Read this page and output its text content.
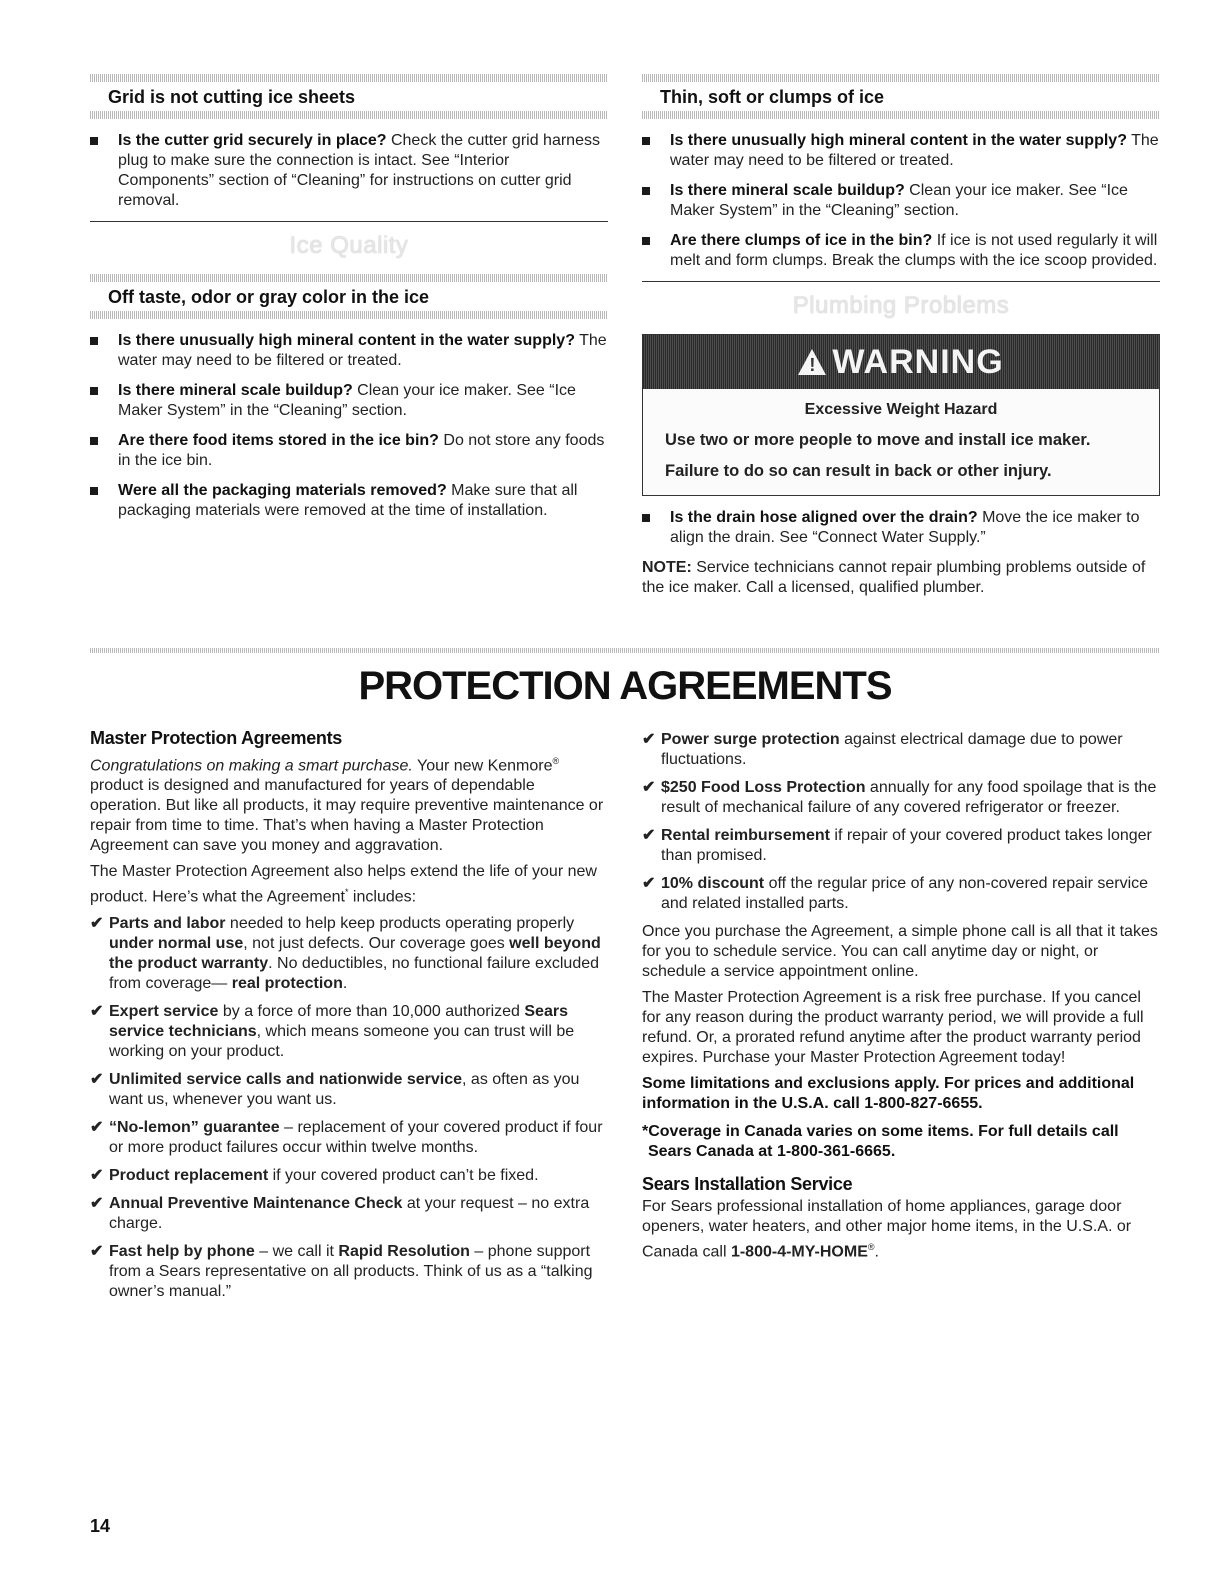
Grid is not cutting ice sheets
Is the cutter grid securely in place? Check the cutter grid harness plug to make sure the connection is intact. See “Interior Components” section of “Cleaning” for instructions on cutter grid removal.
Ice Quality
Off taste, odor or gray color in the ice
Is there unusually high mineral content in the water supply? The water may need to be filtered or treated.
Is there mineral scale buildup? Clean your ice maker. See “Ice Maker System” in the “Cleaning” section.
Are there food items stored in the ice bin? Do not store any foods in the ice bin.
Were all the packaging materials removed? Make sure that all packaging materials were removed at the time of installation.
Thin, soft or clumps of ice
Is there unusually high mineral content in the water supply? The water may need to be filtered or treated.
Is there mineral scale buildup? Clean your ice maker. See “Ice Maker System” in the “Cleaning” section.
Are there clumps of ice in the bin? If ice is not used regularly it will melt and form clumps. Break the clumps with the ice scoop provided.
Plumbing Problems
!
WARNING
Excessive Weight Hazard
Use two or more people to move and install ice maker.
Failure to do so can result in back or other injury.
Is the drain hose aligned over the drain? Move the ice maker to align the drain. See “Connect Water Supply.”
NOTE: Service technicians cannot repair plumbing problems outside of the ice maker. Call a licensed, qualified plumber.
PROTECTION AGREEMENTS
Master Protection Agreements

Congratulations on making a smart purchase. Your new Kenmore® product is designed and manufactured for years of dependable operation. But like all products, it may require preventive maintenance or repair from time to time. That’s when having a Master Protection Agreement can save you money and aggravation.

The Master Protection Agreement also helps extend the life of your new product. Here’s what the Agreement* includes:

✔ Parts and labor needed to help keep products operating properly under normal use, not just defects. Our coverage goes well beyond the product warranty. No deductibles, no functional failure excluded from coverage— real protection.
✔ Expert service by a force of more than 10,000 authorized Sears service technicians, which means someone you can trust will be working on your product.
✔ Unlimited service calls and nationwide service, as often as you want us, whenever you want us.
✔ “No-lemon” guarantee – replacement of your covered product if four or more product failures occur within twelve months.
✔ Product replacement if your covered product can’t be fixed.
✔ Annual Preventive Maintenance Check at your request – no extra charge.
✔ Fast help by phone – we call it Rapid Resolution – phone support from a Sears representative on all products. Think of us as a “talking owner’s manual.”
✔ Power surge protection against electrical damage due to power fluctuations.
✔ $250 Food Loss Protection annually for any food spoilage that is the result of mechanical failure of any covered refrigerator or freezer.
✔ Rental reimbursement if repair of your covered product takes longer than promised.
✔ 10% discount off the regular price of any non-covered repair service and related installed parts.

Once you purchase the Agreement, a simple phone call is all that it takes for you to schedule service. You can call anytime day or night, or schedule a service appointment online.

The Master Protection Agreement is a risk free purchase. If you cancel for any reason during the product warranty period, we will provide a full refund. Or, a prorated refund anytime after the product warranty period expires. Purchase your Master Protection Agreement today!

Some limitations and exclusions apply. For prices and additional information in the U.S.A. call 1-800-827-6655.

*Coverage in Canada varies on some items. For full details call Sears Canada at 1-800-361-6665.

Sears Installation Service

For Sears professional installation of home appliances, garage door openers, water heaters, and other major home items, in the U.S.A. or Canada call 1-800-4-MY-HOME®.

14
